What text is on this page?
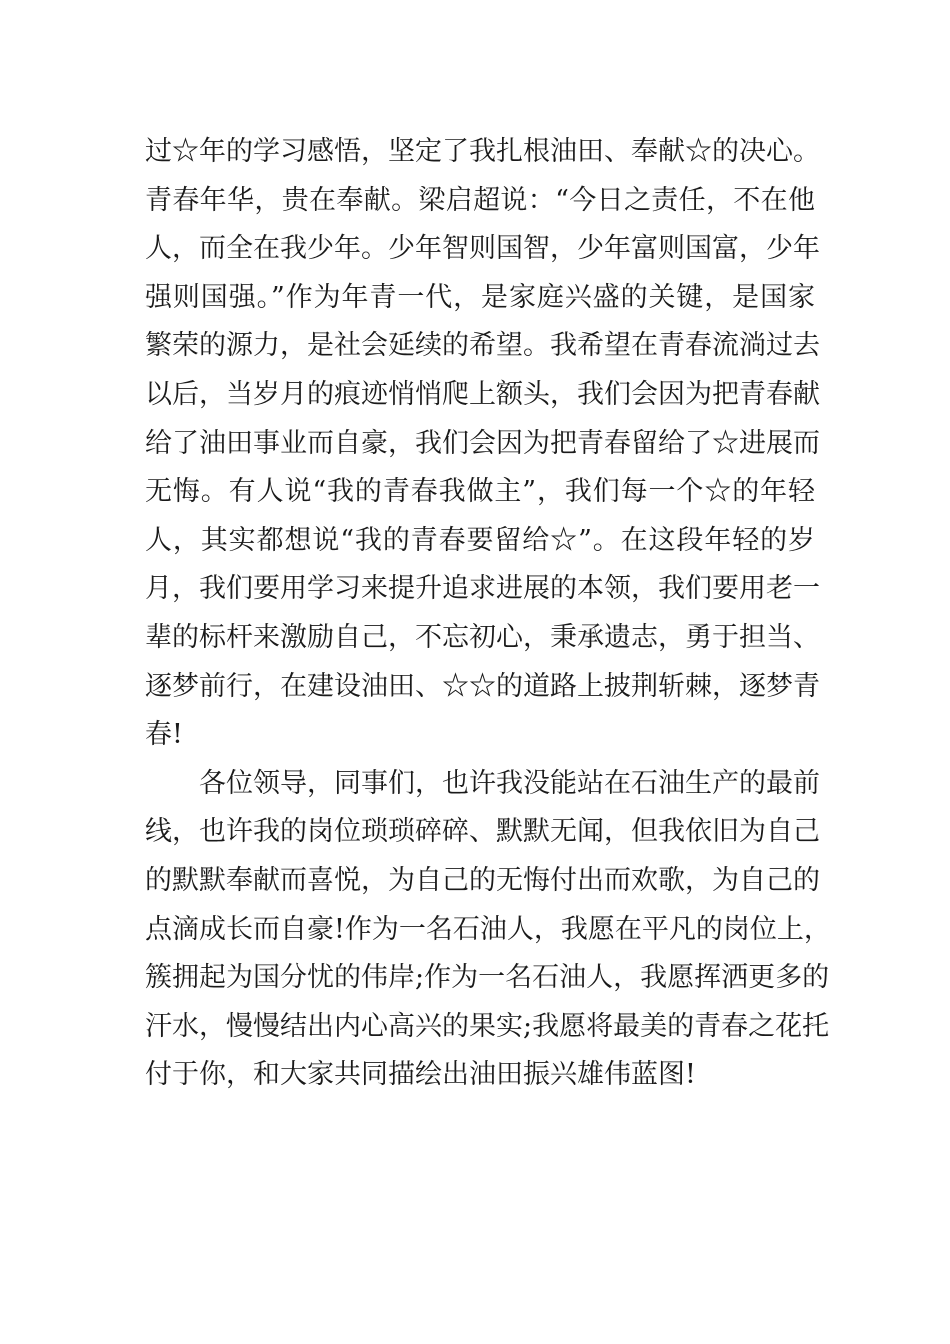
过☆年的学习感悟，坚定了我扎根油田、奉献☆的决心。
青春年华，贵在奉献。梁启超说：“今日之责任，不在他
人，而全在我少年。少年智则国智，少年富则国富，少年
强则国强。”作为年青一代，是家庭兴盛的关键，是国家
繁荣的源力，是社会延续的希望。我希望在青春流淌过去
以后，当岁月的痕迹悄悄爬上额头，我们会因为把青春献
给了油田事业而自豪，我们会因为把青春留给了☆进展而
无悔。有人说“我的青春我做主”，我们每一个☆的年轻
人，其实都想说“我的青春要留给☆”。在这段年轻的岁
月，我们要用学习来提升追求进展的本领，我们要用老一
辈的标杆来激励自己，不忘初心，秉承遗志，勇于担当、
逐梦前行，在建设油田、☆☆的道路上披荆斩棘，逐梦青
春!
各位领导，同事们，也许我没能站在石油生产的最前
线，也许我的岗位琐琐碎碎、默默无闻，但我依旧为自己
的默默奉献而喜悦，为自己的无悔付出而欢歌，为自己的
点滴成长而自豪!作为一名石油人，我愿在平凡的岗位上，
簇拥起为国分忧的伟岸;作为一名石油人，我愿挥洒更多的
汗水，慢慢结出内心高兴的果实;我愿将最美的青春之花托
付于你，和大家共同描绘出油田振兴雄伟蓝图!
